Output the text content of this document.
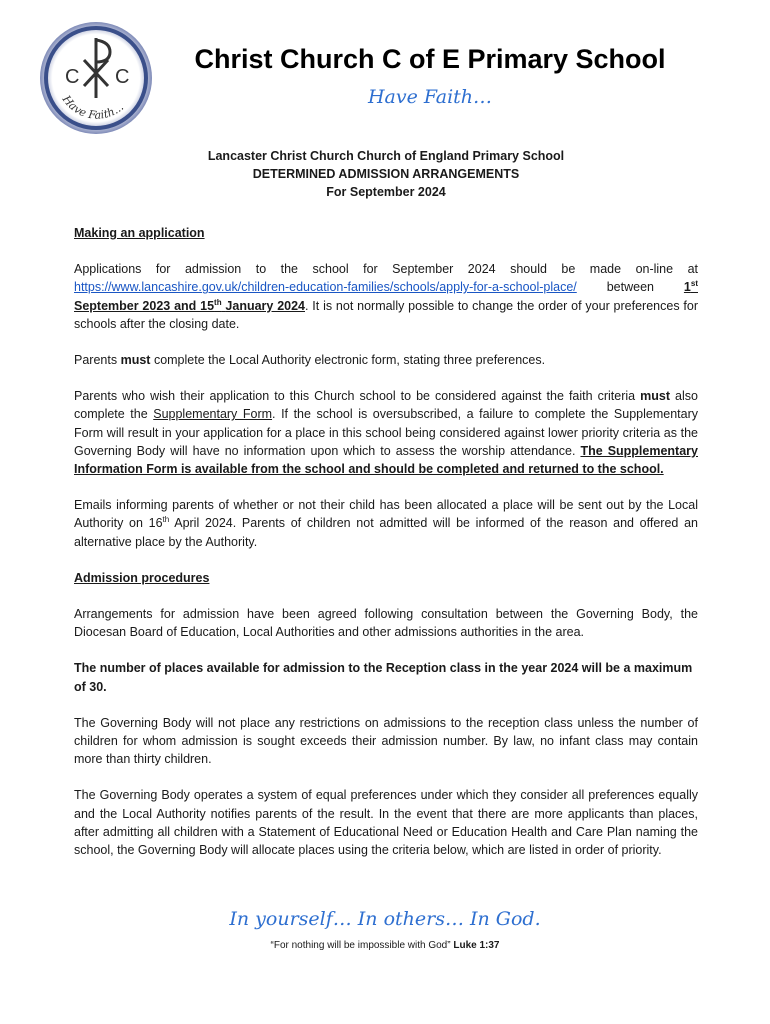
C C
Have Faith...
Christ Church C of E Primary School
Have Faith…
Lancaster Christ Church Church of England Primary School
DETERMINED ADMISSION ARRANGEMENTS
For September 2024

Making an application

Applications for admission to the school for September 2024 should be made on-line at https://www.lancashire.gov.uk/children-education-families/schools/apply-for-a-school-place/ between 1st September 2023 and 15th January 2024. It is not normally possible to change the order of your preferences for schools after the closing date.

Parents must complete the Local Authority electronic form, stating three preferences.

Parents who wish their application to this Church school to be considered against the faith criteria must also complete the Supplementary Form. If the school is oversubscribed, a failure to complete the Supplementary Form will result in your application for a place in this school being considered against lower priority criteria as the Governing Body will have no information upon which to assess the worship attendance. The Supplementary Information Form is available from the school and should be completed and returned to the school.

Emails informing parents of whether or not their child has been allocated a place will be sent out by the Local Authority on 16th April 2024. Parents of children not admitted will be informed of the reason and offered an alternative place by the Authority.

Admission procedures

Arrangements for admission have been agreed following consultation between the Governing Body, the Diocesan Board of Education, Local Authorities and other admissions authorities in the area.

The number of places available for admission to the Reception class in the year 2024 will be a maximum of 30.

The Governing Body will not place any restrictions on admissions to the reception class unless the number of children for whom admission is sought exceeds their admission number. By law, no infant class may contain more than thirty children.

The Governing Body operates a system of equal preferences under which they consider all preferences equally and the Local Authority notifies parents of the result. In the event that there are more applicants than places, after admitting all children with a Statement of Educational Need or Education Health and Care Plan naming the school, the Governing Body will allocate places using the criteria below, which are listed in order of priority.

In yourself… In others… In God.
“For nothing will be impossible with God” Luke 1:37
